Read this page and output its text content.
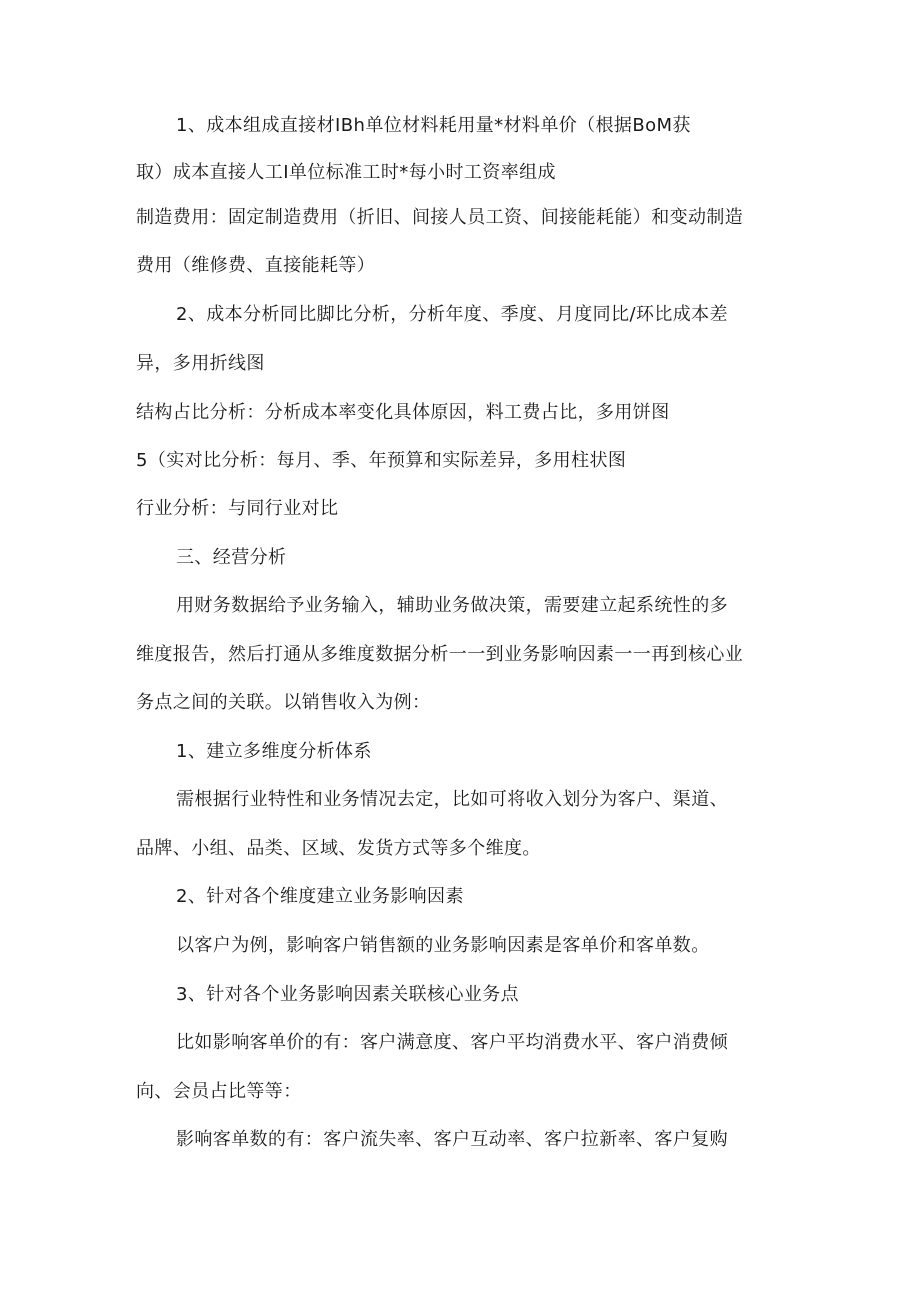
1、成本组成直接材IBh单位材料耗用量*材料单价（根据BoM获
取）成本直接人工I单位标准工时*每小时工资率组成
制造费用：固定制造费用（折旧、间接人员工资、间接能耗能）和变动制造
费用（维修费、直接能耗等）
2、成本分析同比脚比分析，分析年度、季度、月度同比/环比成本差
异，多用折线图
结构占比分析：分析成本率变化具体原因，料工费占比，多用饼图
5（实对比分析：每月、季、年预算和实际差异，多用柱状图
行业分析：与同行业对比
三、经营分析
用财务数据给予业务输入，辅助业务做决策，需要建立起系统性的多
维度报告，然后打通从多维度数据分析一一到业务影响因素一一再到核心业
务点之间的关联。以销售收入为例：
1、建立多维度分析体系
需根据行业特性和业务情况去定，比如可将收入划分为客户、渠道、
品牌、小组、品类、区域、发货方式等多个维度。
2、针对各个维度建立业务影响因素
以客户为例，影响客户销售额的业务影响因素是客单价和客单数。
3、针对各个业务影响因素关联核心业务点
比如影响客单价的有：客户满意度、客户平均消费水平、客户消费倾
向、会员占比等等：
影响客单数的有：客户流失率、客户互动率、客户拉新率、客户复购
